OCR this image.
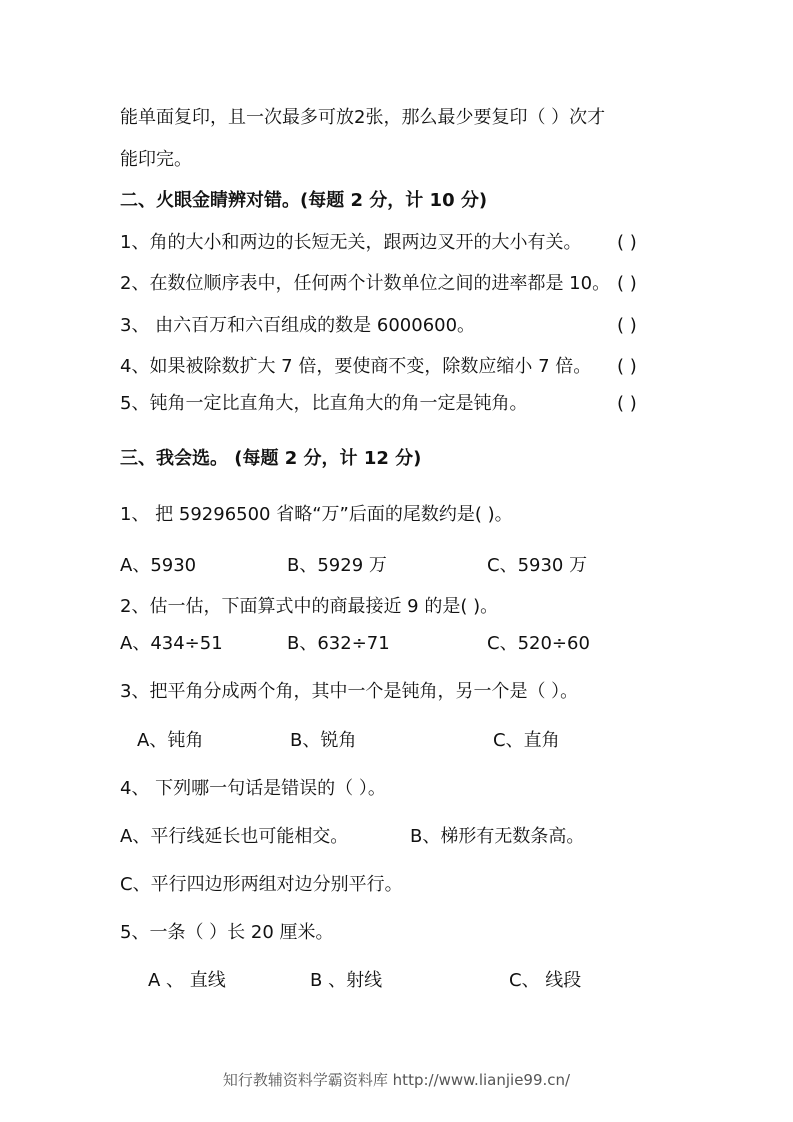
能单面复印，且一次最多可放2张，那么最少要复印（ ）次才
能印完。
二、火眼金睛辨对错。(每题 2 分，计 10 分)
1、角的大小和两边的长短无关，跟两边叉开的大小有关。 ( )
2、在数位顺序表中，任何两个计数单位之间的进率都是 10。 ( )
3、 由六百万和六百组成的数是 6000600。	( )
4、如果被除数扩大 7 倍，要使商不变，除数应缩小 7 倍。 ( )
5、钝角一定比直角大，比直角大的角一定是钝角。	( )
三、我会选。 (每题 2 分，计 12 分)
1、 把 59296500 省略“万”后面的尾数约是( )。
A、5930	B、5929 万	C、5930 万
2、估一估，下面算式中的商最接近 9 的是( )。
A、434÷51	B、632÷71	C、520÷60
3、把平角分成两个角，其中一个是钝角，另一个是（ ）。
A、钝角	B、锐角	C、直角
4、 下列哪一句话是错误的（ ）。
A、平行线延长也可能相交。	B、梯形有无数条高。
C、平行四边形两组对边分别平行。
5、一条（ ）长 20 厘米。
A 、 直线	B 、射线	C、 线段
知行教辅资料学霸资料库 http://www.lianjie99.cn/
